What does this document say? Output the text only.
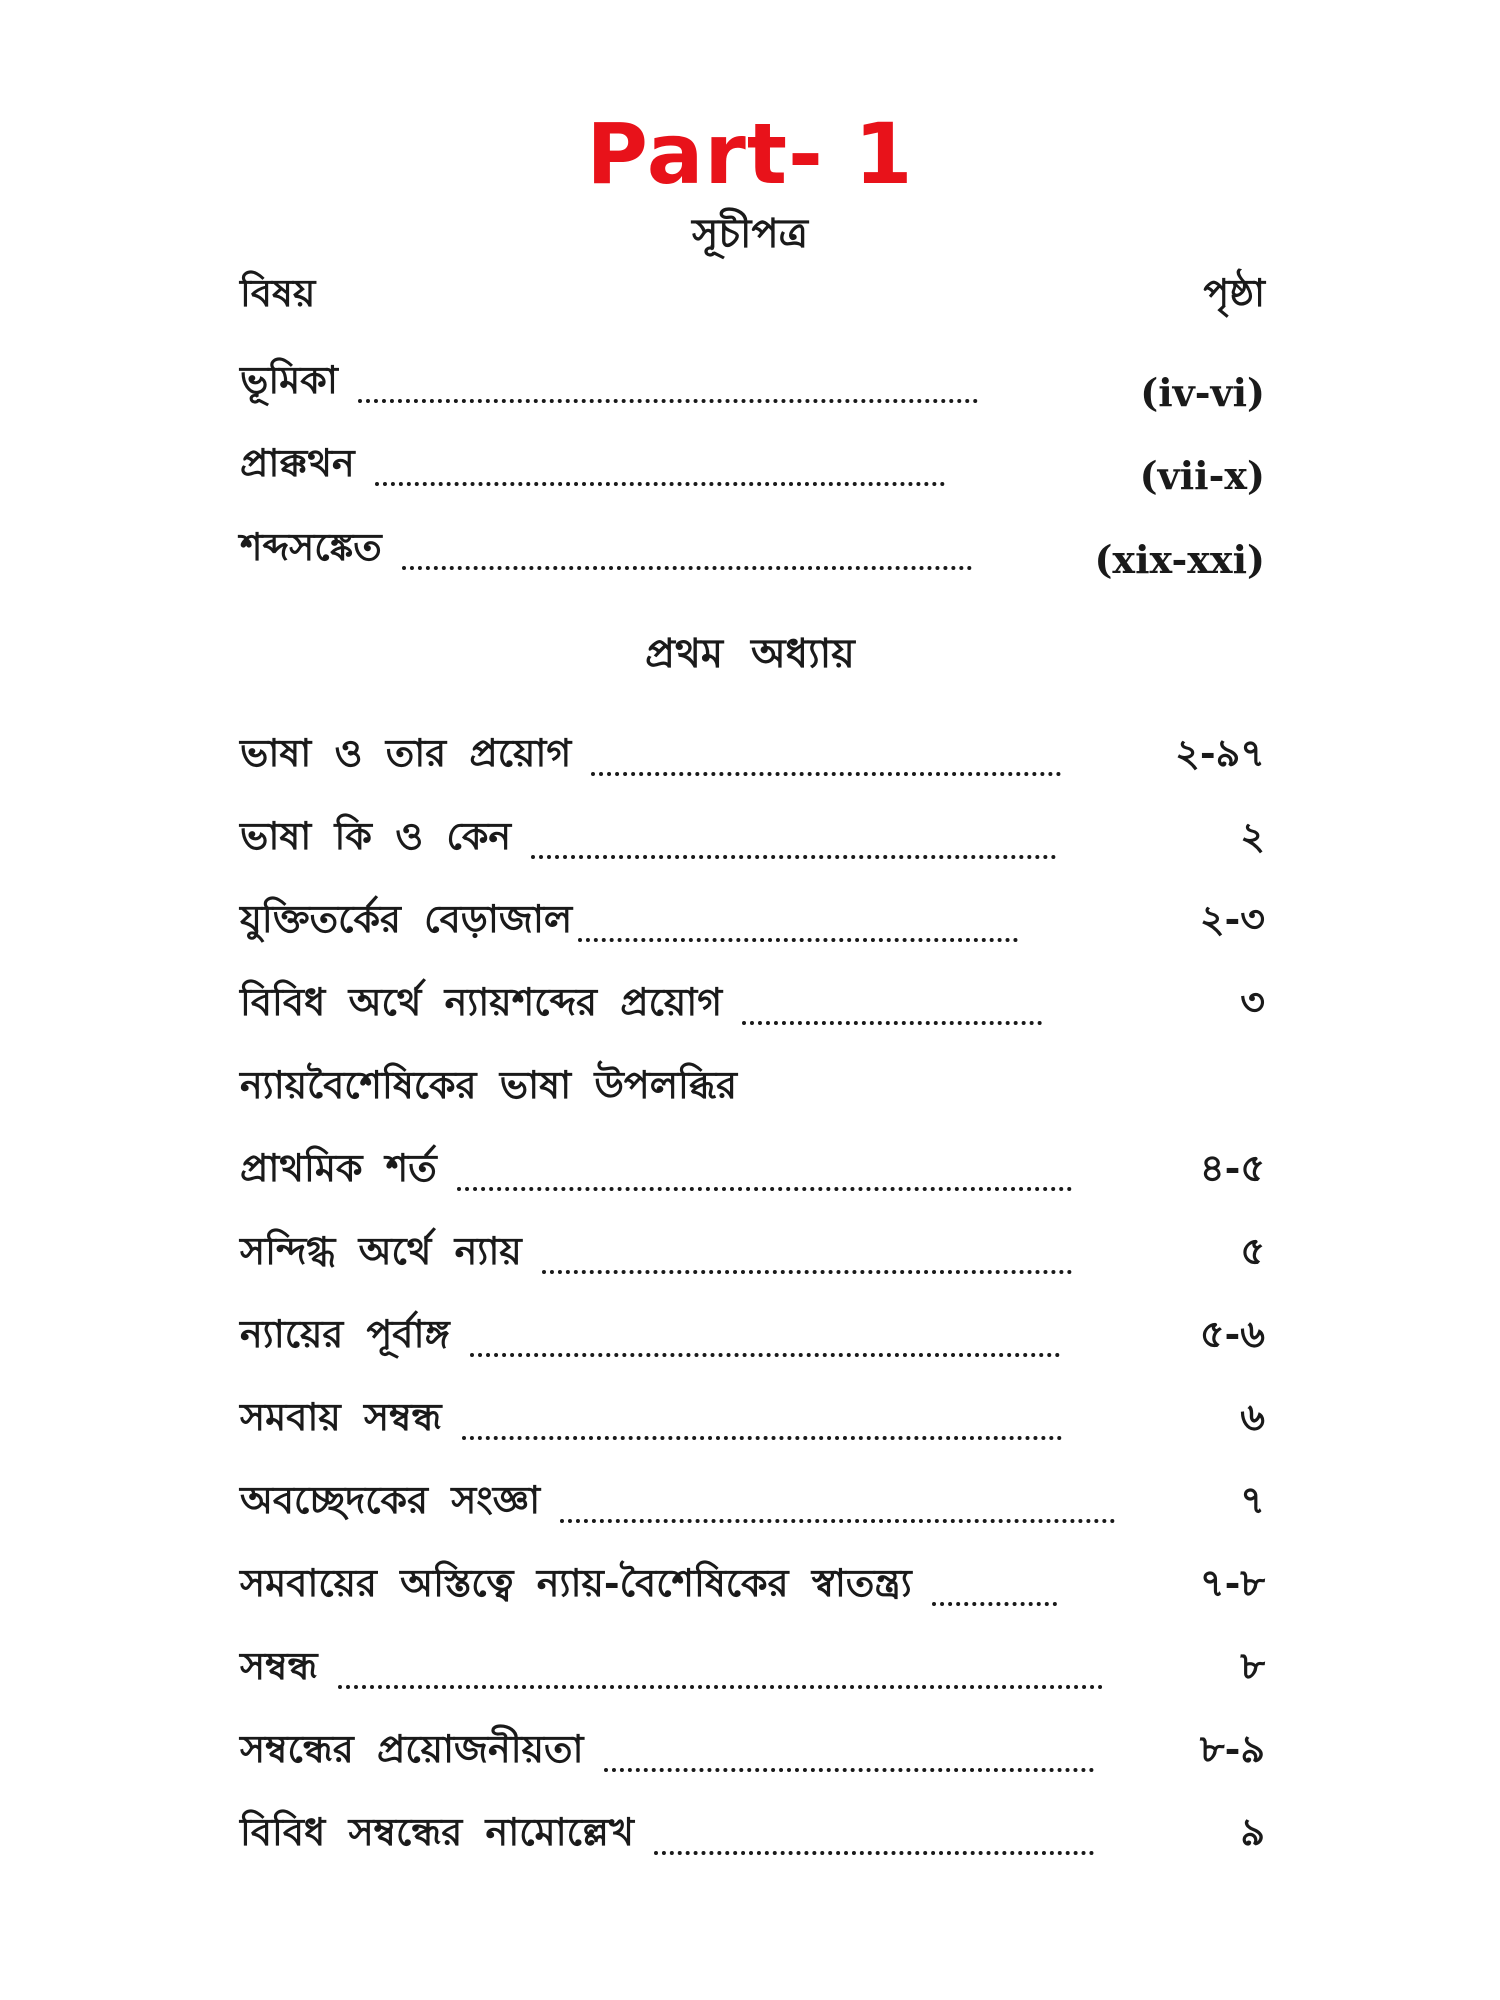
Part- 1
সূচীপত্র
বিষয়	পৃষ্ঠা
ভূমিকা	(iv-vi)
প্রাক্কথন	(vii-x)
শব্দসঙ্কেত	(xix-xxi)
প্রথম অধ্যায়
ভাষা ও তার প্রয়োগ	২-৯৭
ভাষা কি ও কেন	২
যুক্তিতর্কের বেড়াজাল	২-৩
বিবিধ অর্থে ন্যায়শব্দের প্রয়োগ	৩
ন্যায়বৈশেষিকের ভাষা উপলব্ধির
প্রাথমিক শর্ত	৪-৫
সন্দিগ্ধ অর্থে ন্যায়	৫
ন্যায়ের পূর্বাঙ্গ	৫-৬
সমবায় সম্বন্ধ	৬
অবচ্ছেদকের সংজ্ঞা	৭
সমবায়ের অস্তিত্বে ন্যায়-বৈশেষিকের স্বাতন্ত্র্য	৭-৮
সম্বন্ধ	৮
সম্বন্ধের প্রয়োজনীয়তা	৮-৯
বিবিধ সম্বন্ধের নামোল্লেখ	৯
